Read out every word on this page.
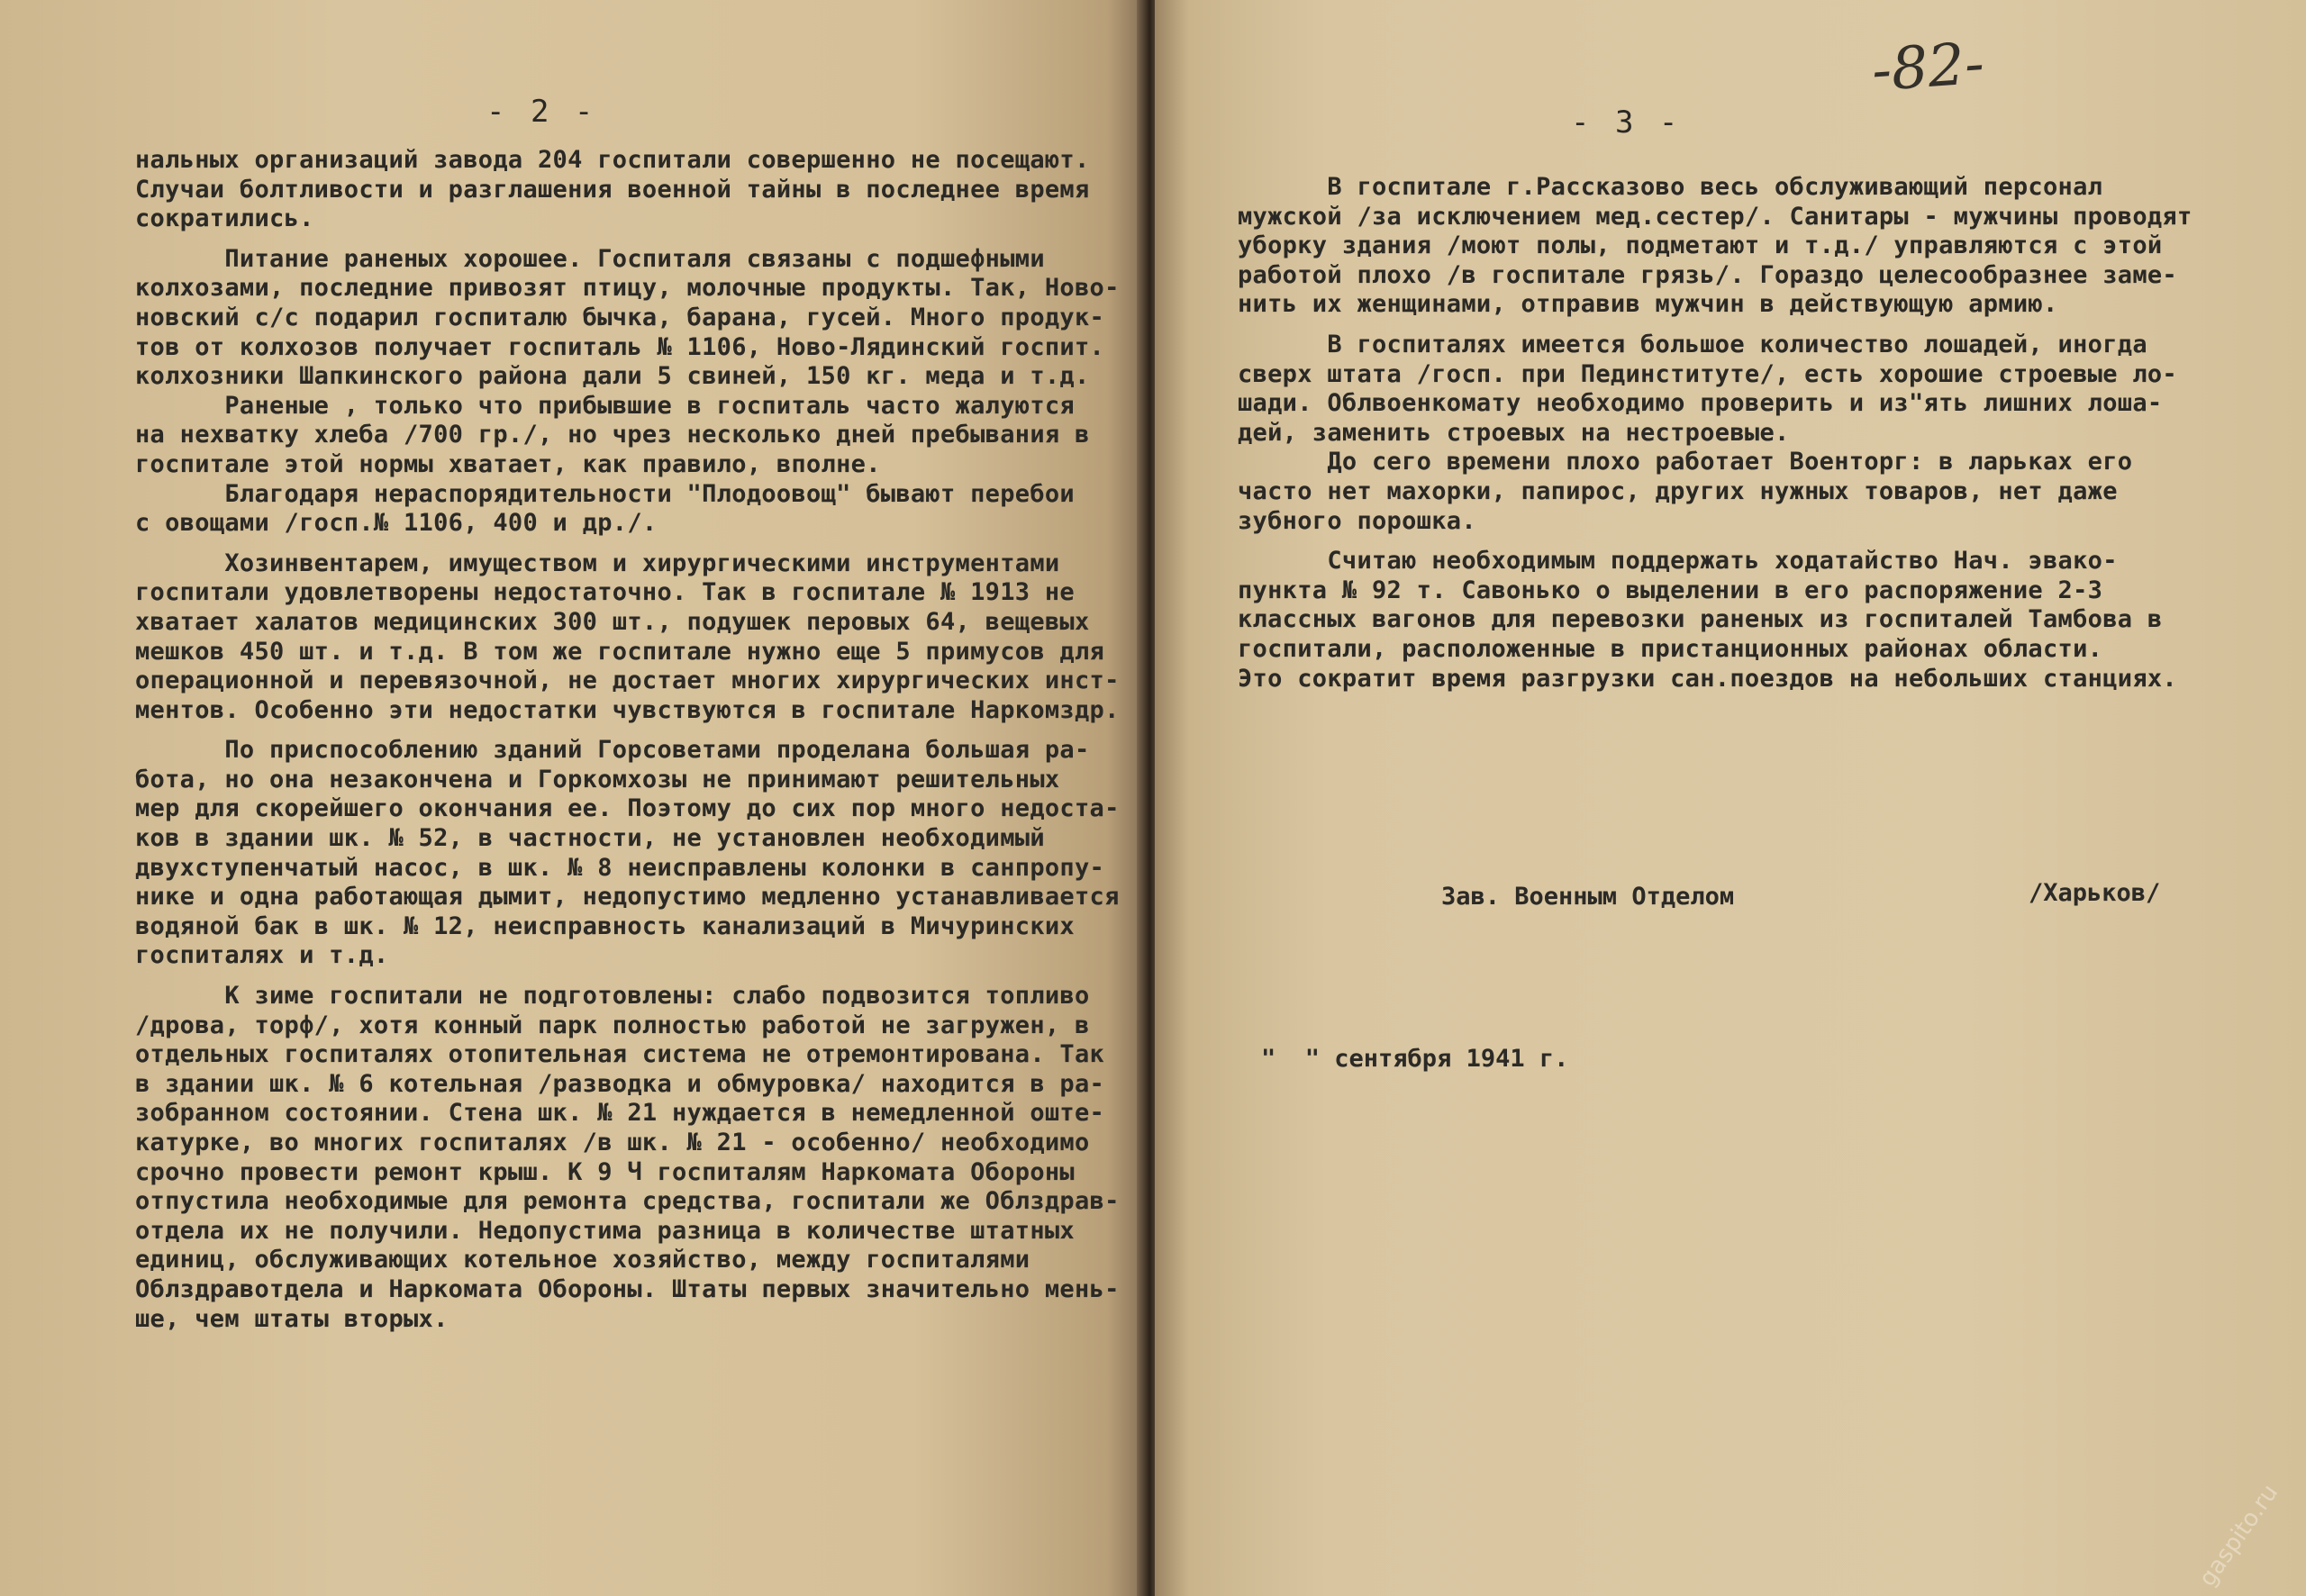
- 2 -

нальных организаций завода 204 госпитали совершенно не посещают.

Случаи болтливости и разглашения военной тайны в последнее время

сократились.

Питание раненых хорошее. Госпиталя связаны с подшефными

колхозами, последние привозят птицу, молочные продукты. Так, Ново-

новский с/с подарил госпиталю бычка, барана, гусей. Много продук-

тов от колхозов получает госпиталь № 1106, Ново-Лядинский госпит.

колхозники Шапкинского района дали 5 свиней, 150 кг. меда и т.д.

Раненые , только что прибывшие в госпиталь часто жалуются

на нехватку хлеба /700 гр./, но чрез несколько дней пребывания в

госпитале этой нормы хватает, как правило, вполне.

Благодаря нераспорядительности "Плодоовощ" бывают перебои

с овощами /госп.№ 1106, 400 и др./.

Хозинвентарем, имуществом и хирургическими инструментами

госпитали удовлетворены недостаточно. Так в госпитале № 1913 не

хватает халатов медицинских 300 шт., подушек перовых 64, вещевых

мешков 450 шт. и т.д. В том же госпитале нужно еще 5 примусов для

операционной и перевязочной, не достает многих хирургических инст-

ментов. Особенно эти недостатки чувствуются в госпитале Наркомздр.

По приспособлению зданий Горсоветами проделана большая ра-

бота, но она незакончена и Горкомхозы не принимают решительных

мер для скорейшего окончания ее. Поэтому до сих пор много недоста-

ков в здании шк. № 52, в частности, не установлен необходимый

двухступенчатый насос, в шк. № 8 неисправлены колонки в санпропу-

нике и одна работающая дымит, недопустимо медленно устанавливается

водяной бак в шк. № 12, неисправность канализаций в Мичуринских

госпиталях и т.д.

К зиме госпитали не подготовлены: слабо подвозится топливо

/дрова, торф/, хотя конный парк полностью работой не загружен, в

отдельных госпиталях отопительная система не отремонтирована. Так

в здании шк. № 6 котельная /разводка и обмуровка/ находится в ра-

зобранном состоянии. Стена шк. № 21 нуждается в немедленной оште-

катурке, во многих госпиталях /в шк. № 21 - особенно/ необходимо

срочно провести ремонт крыш. К 9 Ч госпиталям Наркомата Обороны

отпустила необходимые для ремонта средства, госпитали же Облздрав-

отдела их не получили. Недопустима разница в количестве штатных

единиц, обслуживающих котельное хозяйство, между госпиталями

Облздравотдела и Наркомата Обороны. Штаты первых значительно мень-

ше, чем штаты вторых.

- 3 -

В госпитале г.Рассказово весь обслуживающий персонал

мужской /за исключением мед.сестер/. Санитары - мужчины проводят

уборку здания /моют полы, подметают и т.д./ управляются с этой

работой плохо /в госпитале грязь/. Гораздо целесообразнее заме-

нить их женщинами, отправив мужчин в действующую армию.

В госпиталях имеется большое количество лошадей, иногда

сверх штата /госп. при Пединституте/, есть хорошие строевые ло-

шади. Облвоенкомату необходимо проверить и из"ять лишних лоша-

дей, заменить строевых на нестроевые.

До сего времени плохо работает Военторг: в ларьках его

часто нет махорки, папирос, других нужных товаров, нет даже

зубного порошка.

Считаю необходимым поддержать ходатайство Нач. эвако-

пункта № 92 т. Савонько о выделении в его распоряжение 2-3

классных вагонов для перевозки раненых из госпиталей Тамбова в

госпитали, расположенные в пристанционных районах области.

Это сократит время разгрузки сан.поездов на небольших станциях.

Зав. Военным Отделом	/Харьков/
"  " сентября 1941 г.
-82-
gaspito.ru
